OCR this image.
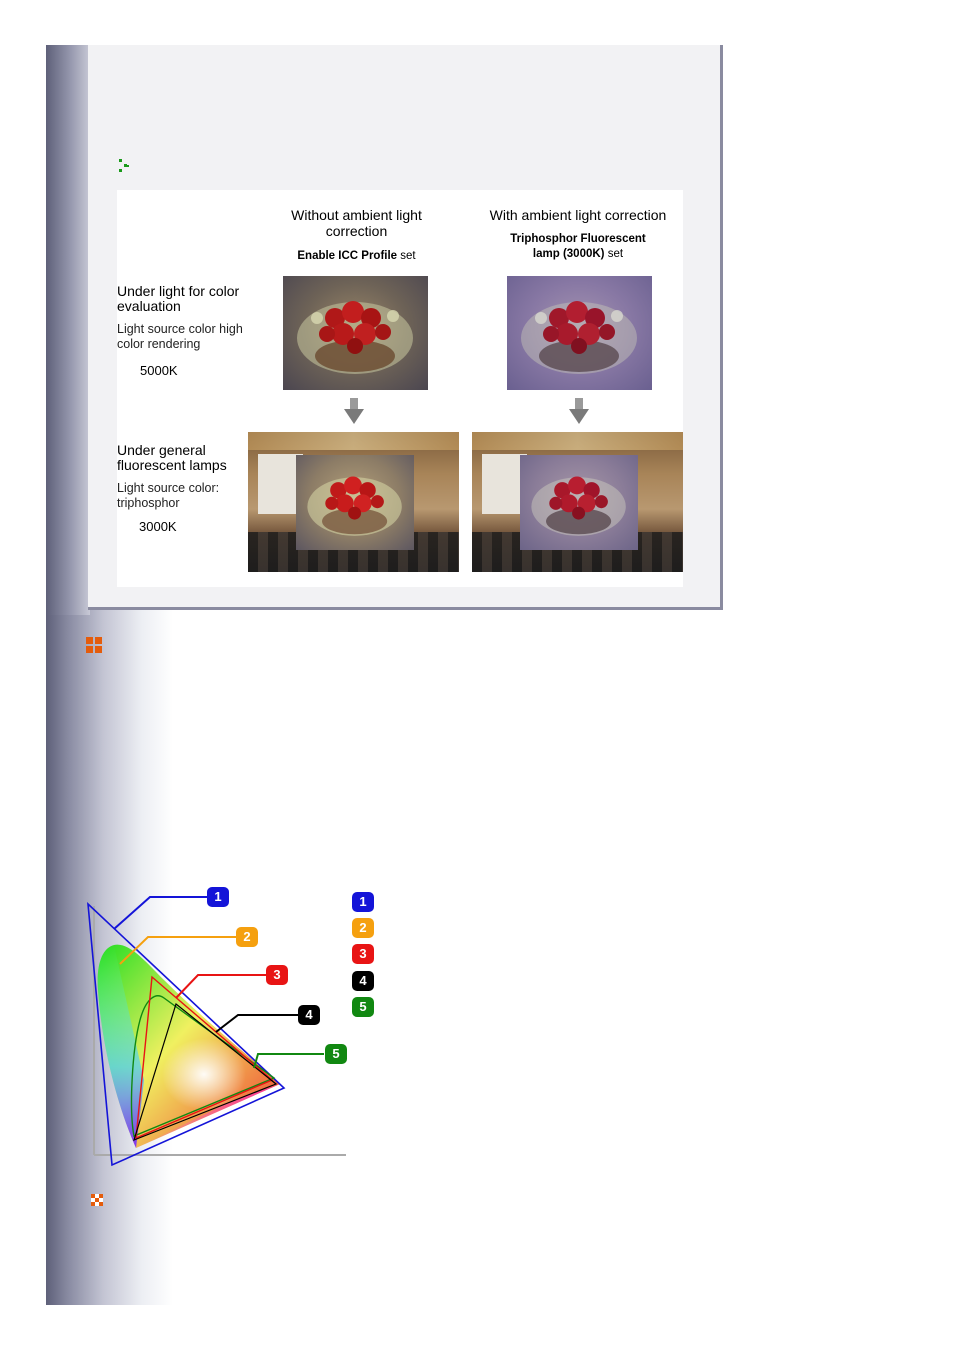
Without ambient light correction
Enable ICC Profile set
With ambient light correction
Triphosphor Fluorescent lamp (3000K) set
Under light for color evaluation
Light source color high color rendering
5000K
Under general fluorescent lamps
Light source color: triphosphor
3000K
1
2
3
4
5
1
2
3
4
5
